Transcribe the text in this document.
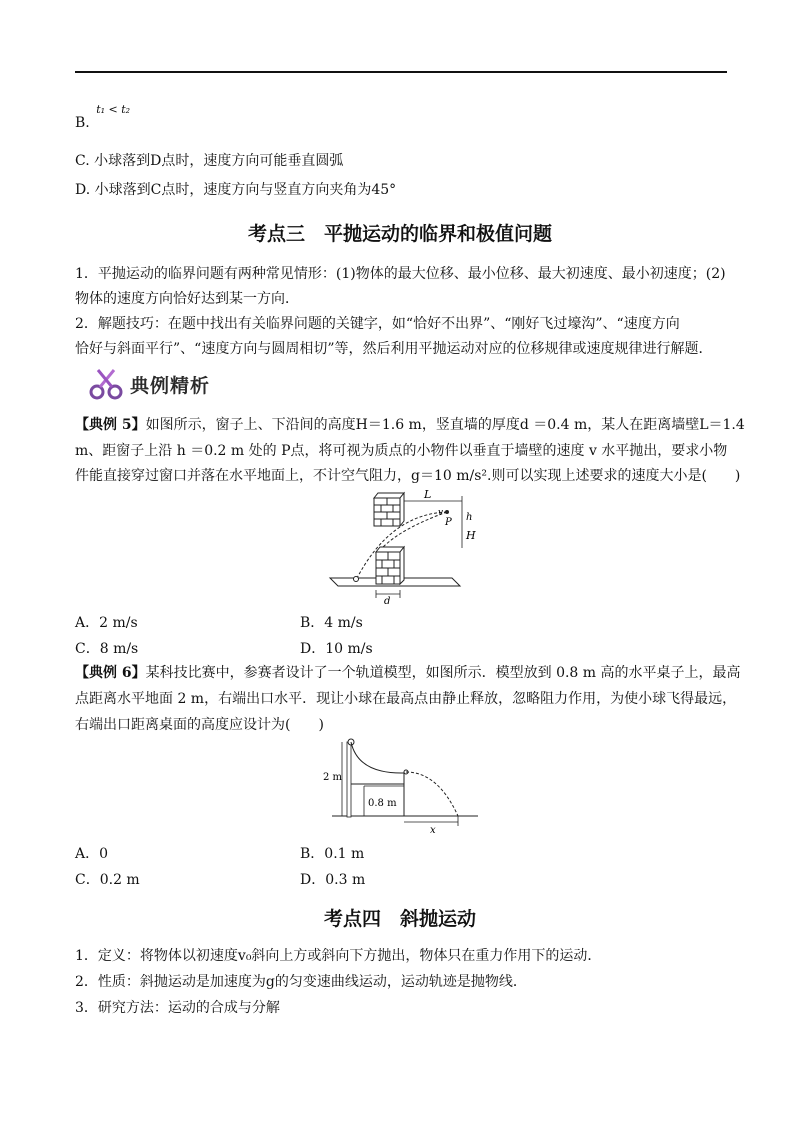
B. $^{t_1 < t_2}$
C. 小球落到D点时，速度方向可能垂直圆弧
D. 小球落到C点时，速度方向与竖直方向夹角为45°
考点三　平抛运动的临界和极值问题
1．平抛运动的临界问题有两种常见情形：(1)物体的最大位移、最小位移、最大初速度、最小初速度；(2)
物体的速度方向恰好达到某一方向．
2．解题技巧：在题中找出有关临界问题的关键字，如“恰好不出界”、“刚好飞过壕沟”、“速度方向
恰好与斜面平行”、“速度方向与圆周相切”等，然后利用平抛运动对应的位移规律或速度规律进行解题．
典例精析
【典例 5】如图所示，窗子上、下沿间的高度H＝1.6 m，竖直墙的厚度d ＝0.4 m，某人在距离墙壁L＝1.4
m、距窗子上沿 h ＝0.2 m 处的 P点，将可视为质点的小物件以垂直于墙壁的速度 v 水平抛出，要求小物
件能直接穿过窗口并落在水平地面上，不计空气阻力，g＝10 m/s².则可以实现上述要求的速度大小是(　　)
L
v
P h
H
d
A．2 m/s	B．4 m/s
C．8 m/s	D．10 m/s
【典例 6】某科技比赛中，参赛者设计了一个轨道模型，如图所示．模型放到 0.8 m 高的水平桌子上，最高
点距离水平地面 2 m，右端出口水平．现让小球在最高点由静止释放，忽略阻力作用，为使小球飞得最远，
右端出口距离桌面的高度应设计为(　　)
2 m
0.8 m
x
A．0	B．0.1 m
C．0.2 m	D．0.3 m
考点四　斜抛运动
1．定义：将物体以初速度v₀斜向上方或斜向下方抛出，物体只在重力作用下的运动．
2．性质：斜抛运动是加速度为g的匀变速曲线运动，运动轨迹是抛物线．
3．研究方法：运动的合成与分解
